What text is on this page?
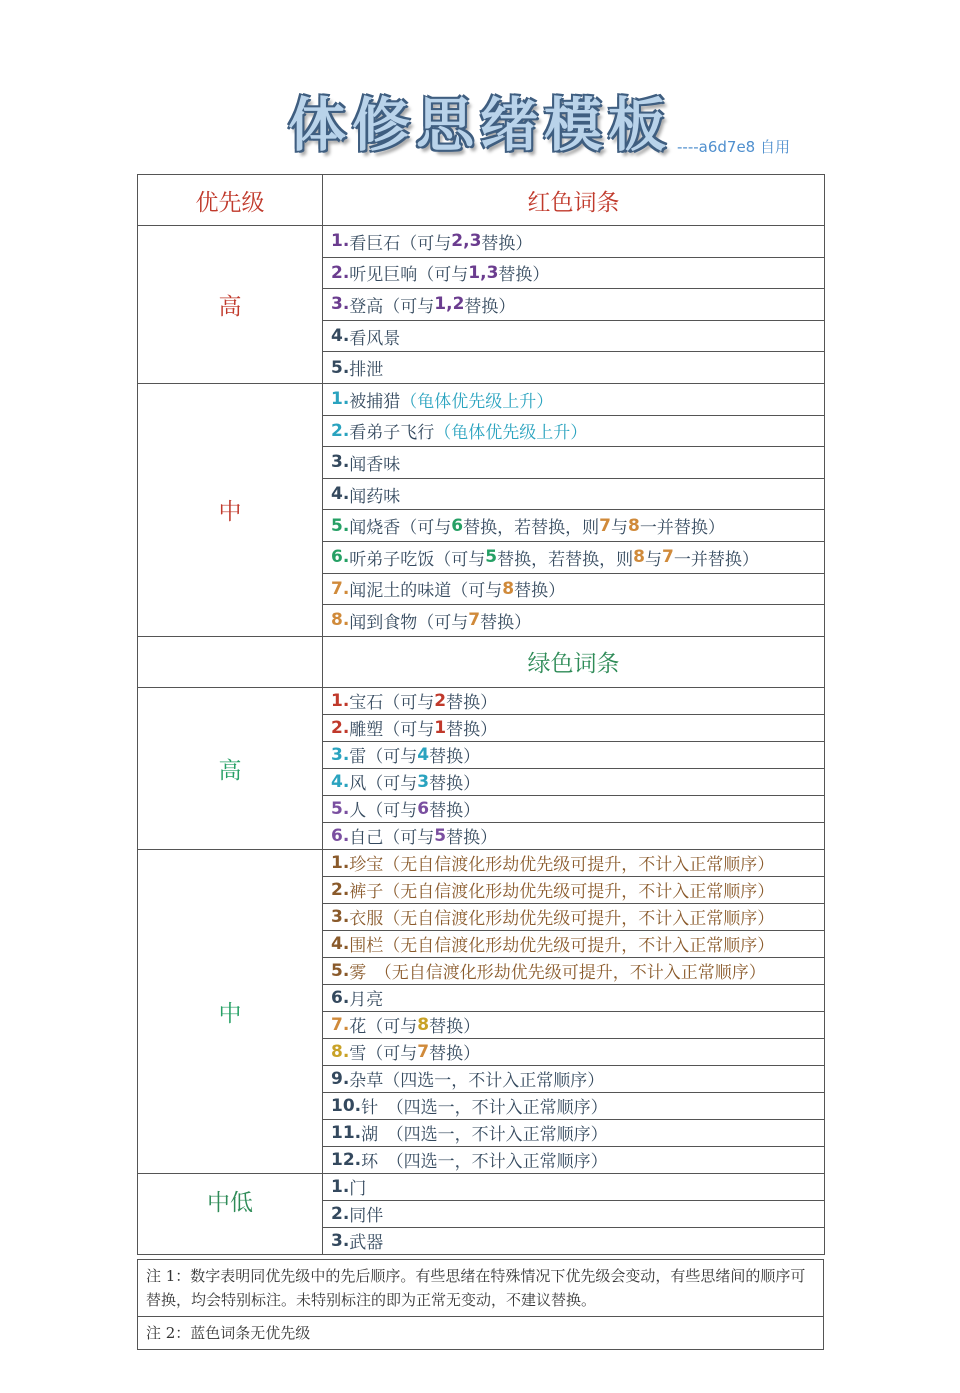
体修思绪模板 ----a6d7e8 自用
优先级	红色词条
高
1. 看巨石（可与 2,3 替换）
2. 听见巨响（可与 1,3 替换）
3. 登高（可与 1,2 替换）
4. 看风景
5. 排泄
中
1. 被捕猎 （龟体优先级上升）
2. 看弟子飞行 （龟体优先级上升）
3. 闻香味
4. 闻药味
5. 闻烧香（可与 6 替换，若替换，则 7 与 8 一并替换）
6. 听弟子吃饭（可与 5 替换，若替换，则 8 与 7 一并替换）
7. 闻泥土的味道（可与 8 替换）
8. 闻到食物（可与 7 替换）
绿色词条
高
1. 宝石（可与 2 替换）
2. 雕塑（可与 1 替换）
3. 雷（可与 4 替换）
4. 风（可与 3 替换）
5. 人（可与 6 替换）
6. 自己（可与 5 替换）
中
1. 珍宝 （无自信渡化形劫优先级可提升，不计入正常顺序）
2. 裤子 （无自信渡化形劫优先级可提升，不计入正常顺序）
3. 衣服 （无自信渡化形劫优先级可提升，不计入正常顺序）
4. 围栏 （无自信渡化形劫优先级可提升，不计入正常顺序）
5. 雾 　（无自信渡化形劫优先级可提升，不计入正常顺序）
6. 月亮
7. 花（可与 8 替换）
8. 雪（可与 7 替换）
9. 杂草（四选一，不计入正常顺序）
10. 针　（四选一，不计入正常顺序）
11. 湖　（四选一，不计入正常顺序）
12. 环　（四选一，不计入正常顺序）
中低
1. 门
2. 同伴
3. 武器
注 1：数字表明同优先级中的先后顺序。有些思绪在特殊情况下优先级会变动，有些思绪间的顺序可替换，均会特别标注。未特别标注的即为正常无变动，不建议替换。
注 2：蓝色词条无优先级
